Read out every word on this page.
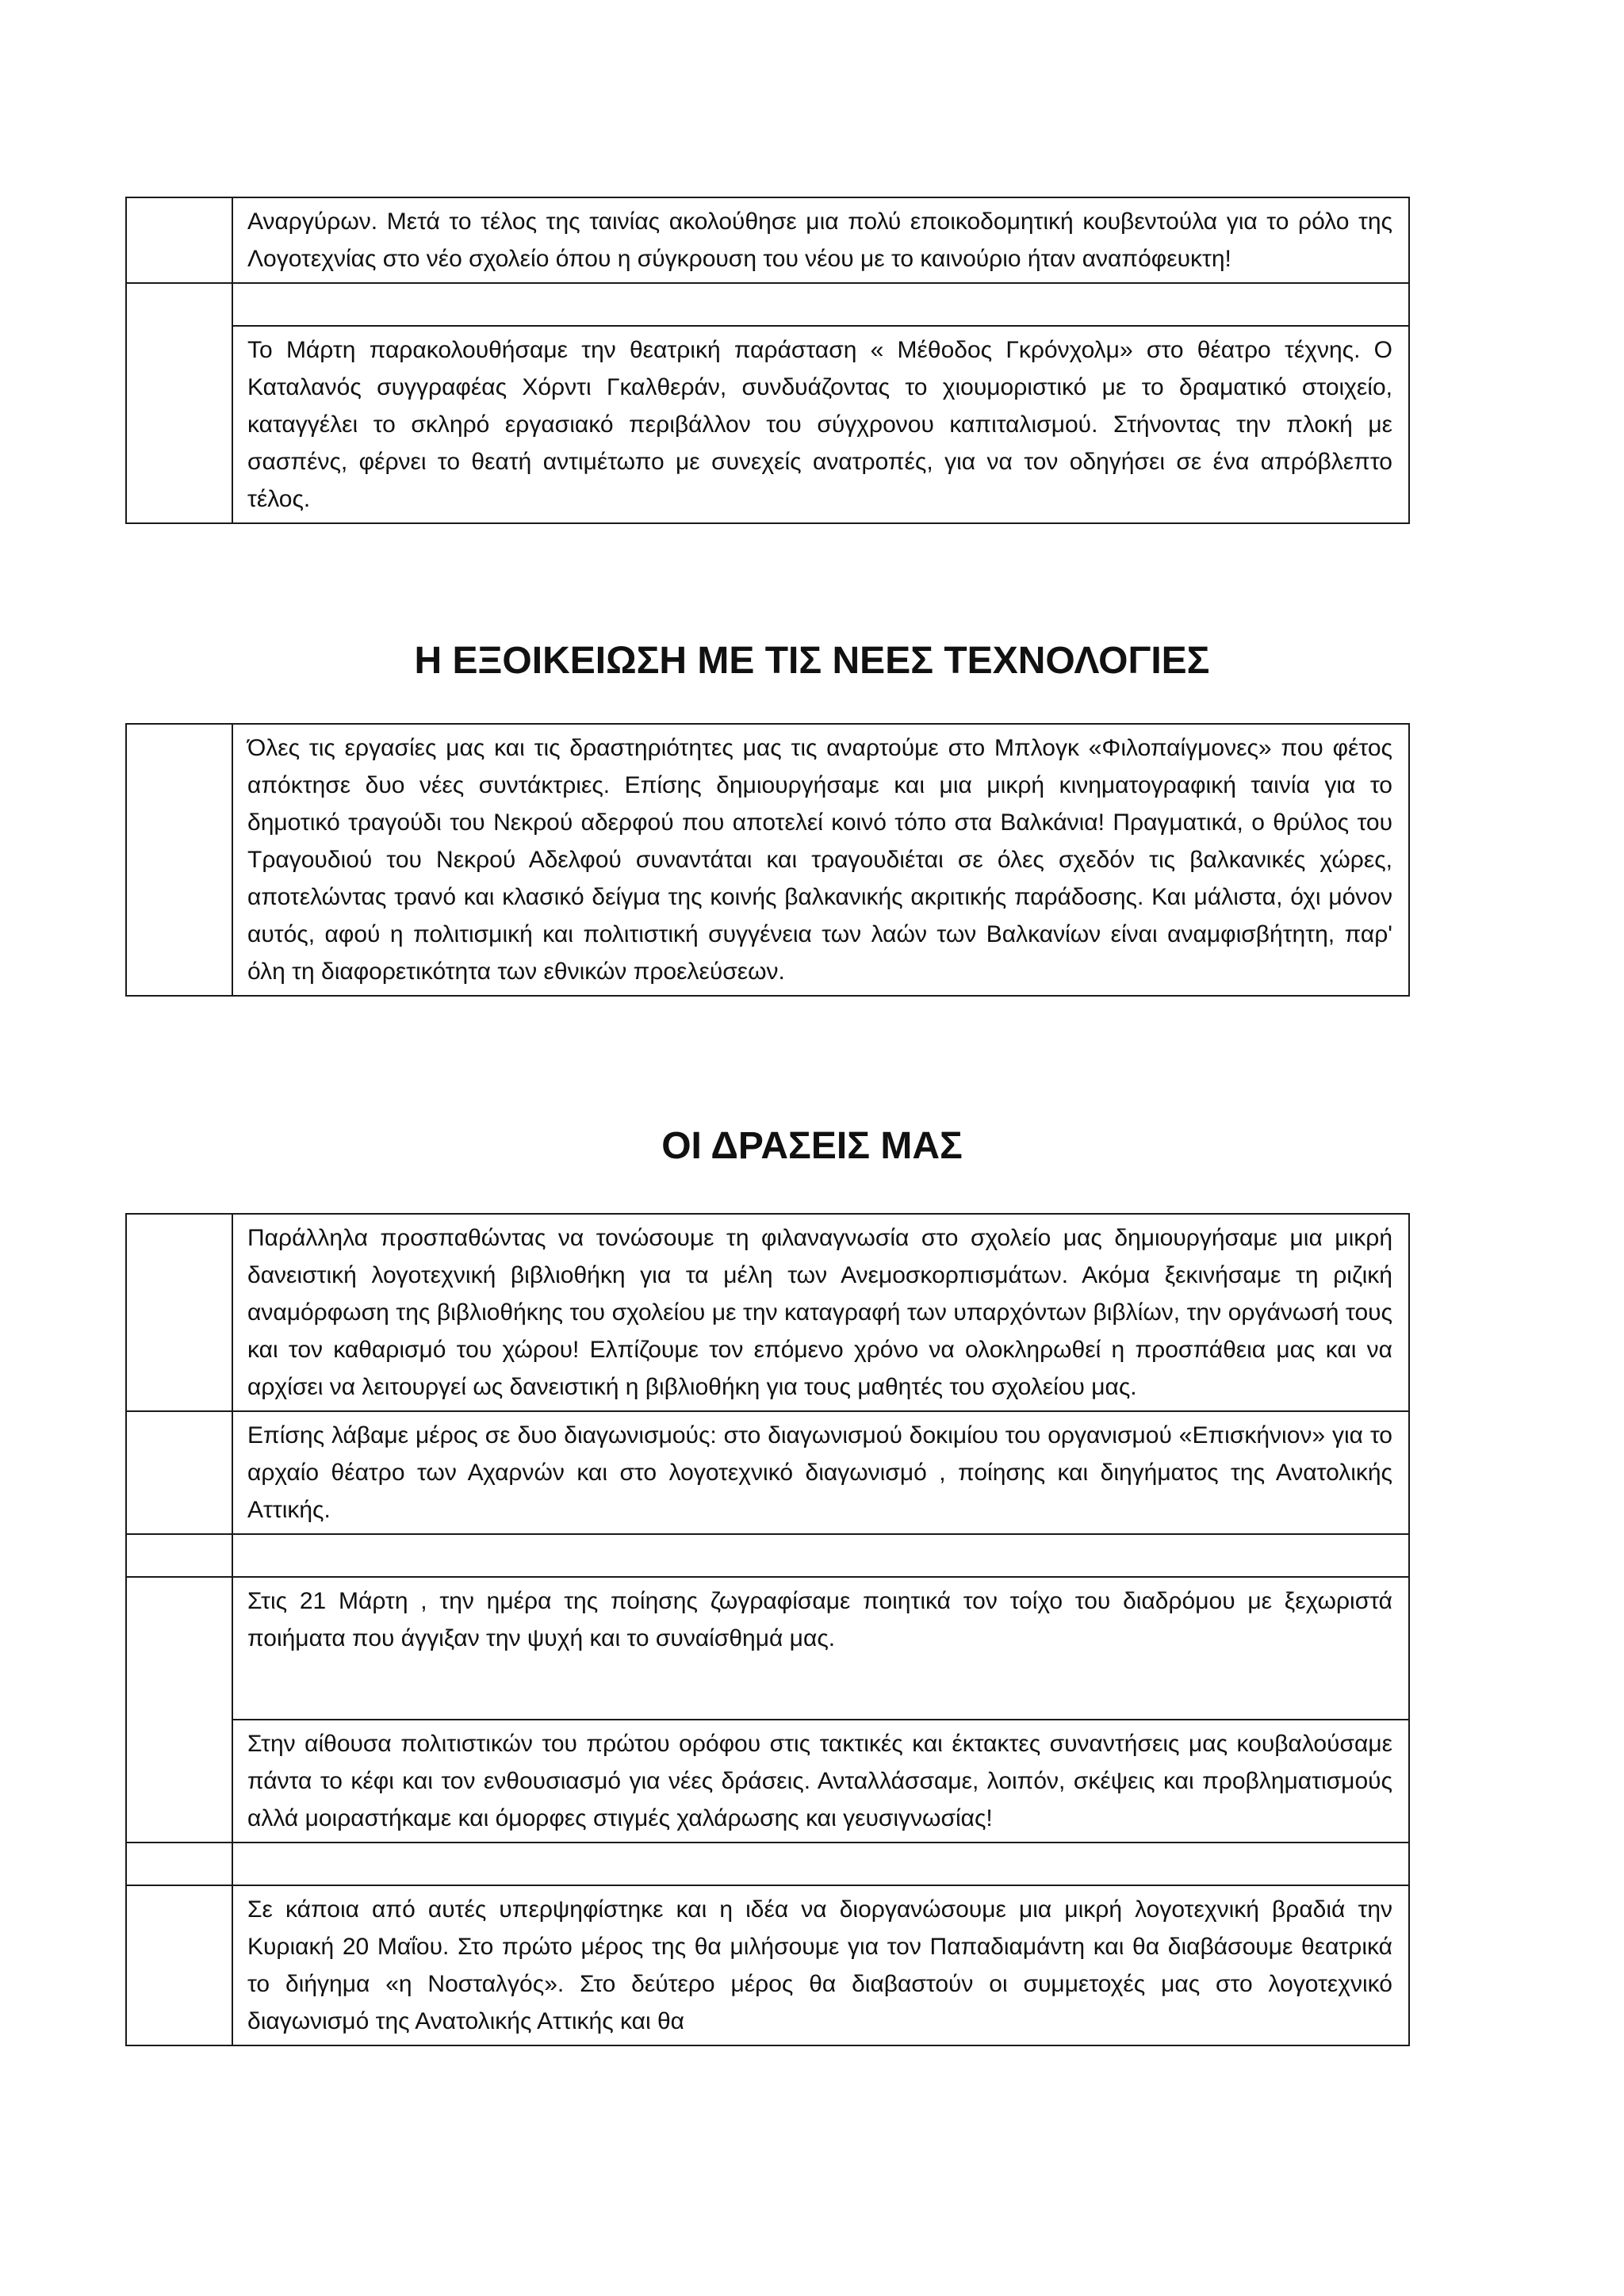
	Αναργύρων. Μετά το τέλος της ταινίας ακολούθησε μια πολύ εποικοδομητική κουβεντούλα για το ρόλο της Λογοτεχνίας στο νέο σχολείο όπου η σύγκρουση του νέου με το καινούριο ήταν αναπόφευκτη!

	Το Μάρτη παρακολουθήσαμε την θεατρική παράσταση « Μέθοδος Γκρόνχολμ» στο θέατρο τέχνης. Ο Καταλανός συγγραφέας Χόρντι Γκαλθεράν, συνδυάζοντας το χιουμοριστικό με το δραματικό στοιχείο, καταγγέλει το σκληρό εργασιακό περιβάλλον του σύγχρονου καπιταλισμού. Στήνοντας την πλοκή με σασπένς, φέρνει το θεατή αντιμέτωπο με συνεχείς ανατροπές, για να τον οδηγήσει σε ένα απρόβλεπτο τέλος.
Η ΕΞΟΙΚΕΙΩΣΗ ΜΕ ΤΙΣ ΝΕΕΣ ΤΕΧΝΟΛΟΓΙΕΣ
	Όλες τις εργασίες μας και τις δραστηριότητες μας τις αναρτούμε στο Μπλογκ «Φιλοπαίγμονες» που φέτος απόκτησε δυο νέες συντάκτριες. Επίσης δημιουργήσαμε και μια μικρή κινηματογραφική ταινία για το δημοτικό τραγούδι του Νεκρού αδερφού που αποτελεί κοινό τόπο στα Βαλκάνια! Πραγματικά, ο θρύλος του Τραγουδιού του Νεκρού Αδελφού συναντάται και τραγουδιέται σε όλες σχεδόν τις βαλκανικές χώρες, αποτελώντας τρανό και κλασικό δείγμα της κοινής βαλκανικής ακριτικής παράδοσης. Και μάλιστα, όχι μόνον αυτός, αφού η πολιτισμική και πολιτιστική συγγένεια των λαών των Βαλκανίων είναι αναμφισβήτητη, παρ' όλη τη διαφορετικότητα των εθνικών προελεύσεων.
ΟΙ ΔΡΑΣΕΙΣ ΜΑΣ
	Παράλληλα προσπαθώντας να τονώσουμε τη φιλαναγνωσία στο σχολείο μας δημιουργήσαμε μια μικρή δανειστική λογοτεχνική βιβλιοθήκη για τα μέλη των Ανεμοσκορπισμάτων. Ακόμα ξεκινήσαμε τη ριζική αναμόρφωση της βιβλιοθήκης του σχολείου με την καταγραφή των υπαρχόντων βιβλίων, την οργάνωσή τους και τον καθαρισμό του χώρου! Ελπίζουμε τον επόμενο χρόνο να ολοκληρωθεί η προσπάθεια μας και να αρχίσει να λειτουργεί ως δανειστική η βιβλιοθήκη για τους μαθητές του σχολείου μας.
	Επίσης λάβαμε μέρος σε δυο διαγωνισμούς: στο διαγωνισμού δοκιμίου του οργανισμού «Επισκήνιον» για το αρχαίο θέατρο των Αχαρνών και στο λογοτεχνικό διαγωνισμό , ποίησης και διηγήματος της Ανατολικής Αττικής.

	Στις 21 Μάρτη , την ημέρα της ποίησης ζωγραφίσαμε ποιητικά τον τοίχο του διαδρόμου με ξεχωριστά ποιήματα που άγγιξαν την ψυχή και το συναίσθημά μας.
	Στην αίθουσα πολιτιστικών του πρώτου ορόφου στις τακτικές και έκτακτες συναντήσεις μας κουβαλούσαμε πάντα το κέφι και τον ενθουσιασμό για νέες δράσεις. Ανταλλάσσαμε, λοιπόν, σκέψεις και προβληματισμούς αλλά μοιραστήκαμε και όμορφες στιγμές χαλάρωσης και γευσιγνωσίας!

	Σε κάποια από αυτές υπερψηφίστηκε και η ιδέα να διοργανώσουμε μια μικρή λογοτεχνική βραδιά την Κυριακή 20 Μαΐου. Στο πρώτο μέρος της θα μιλήσουμε για τον Παπαδιαμάντη και θα διαβάσουμε θεατρικά το διήγημα «η Νοσταλγός». Στο δεύτερο μέρος θα διαβαστούν οι συμμετοχές μας στο λογοτεχνικό διαγωνισμό της Ανατολικής Αττικής και θα
